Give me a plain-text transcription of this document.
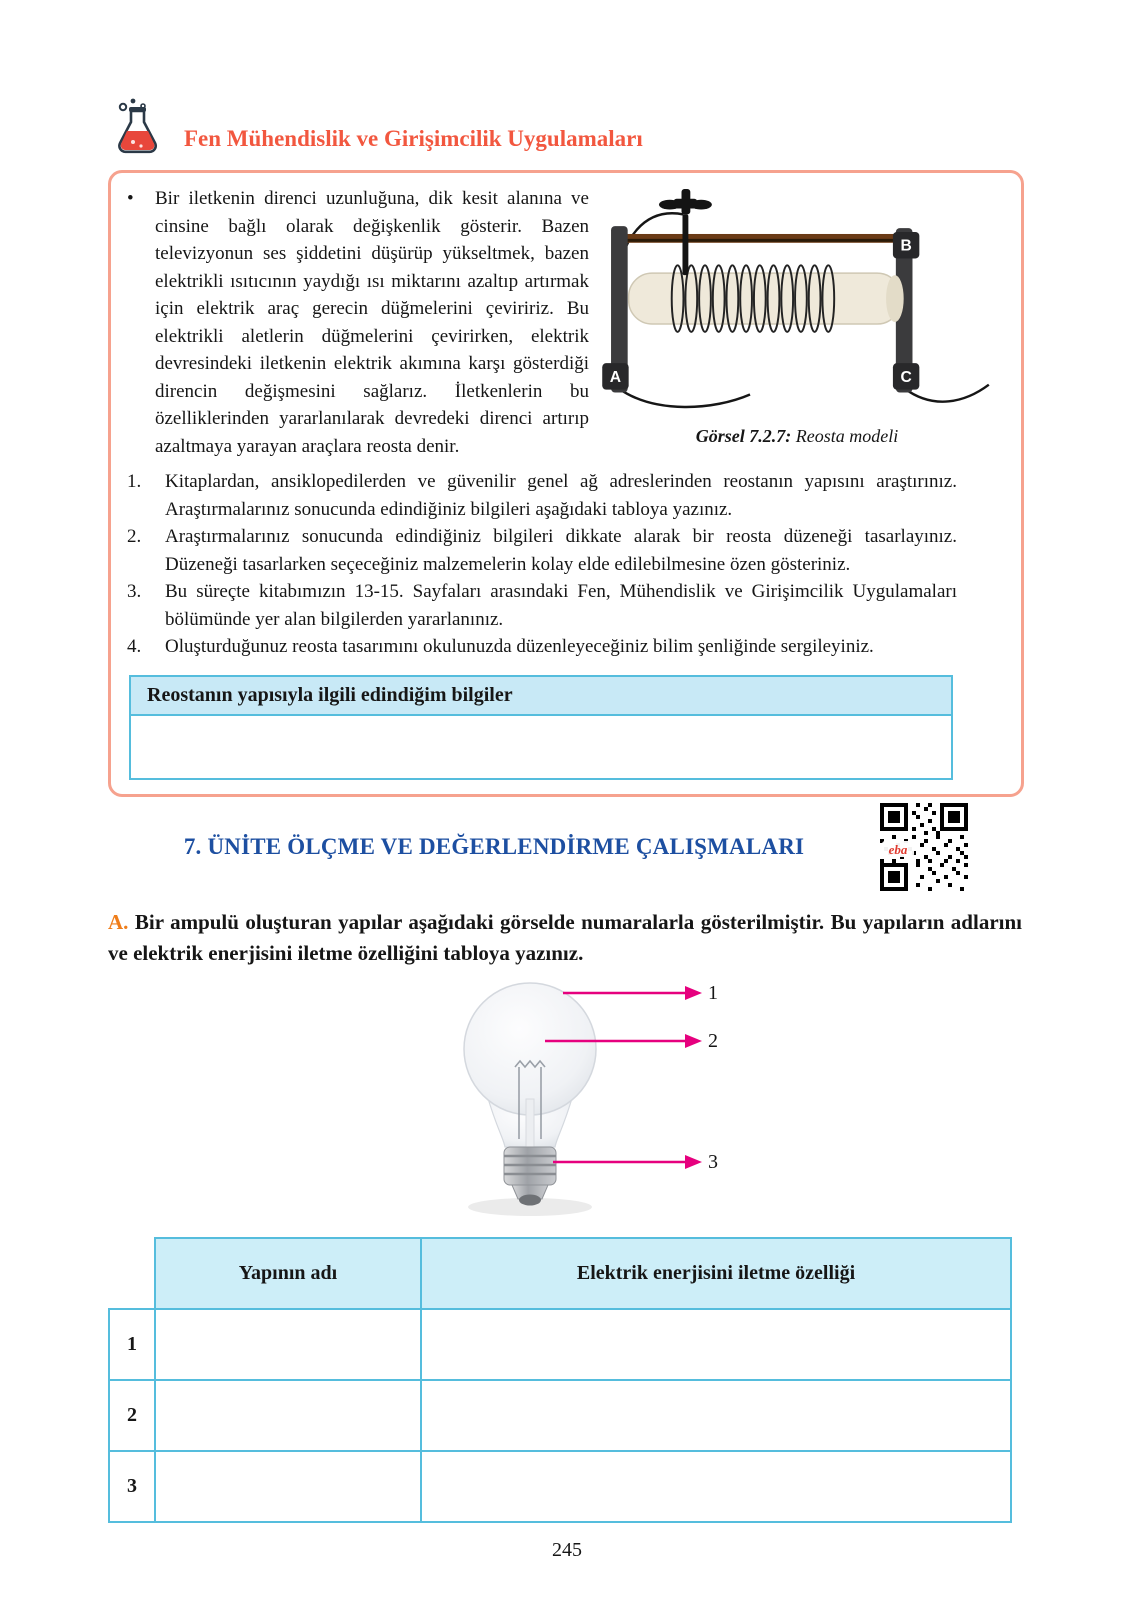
Fen Mühendislik ve Girişimcilik Uygulamaları
•	Bir iletkenin direnci uzunluğuna, dik kesit alanına ve cinsine bağlı olarak değişkenlik gösterir. Bazen televizyonun ses şiddetini düşürüp yükseltmek, bazen elektrikli ısıtıcının yaydığı ısı miktarını azaltıp artırmak için elektrik araç gerecin düğmelerini çeviririz. Bu elektrikli aletlerin düğmelerini çevirirken, elektrik devresindeki iletkenin elektrik akımına karşı gösterdiği direncin değişmesini sağlarız. İletkenlerin bu özelliklerinden yararlanılarak devredeki direnci artırıp azaltmaya yarayan araçlara reosta denir.
A
B
C
Görsel 7.2.7: Reosta modeli
1.	Kitaplardan, ansiklopedilerden ve güvenilir genel ağ adreslerinden reostanın yapısını araştırınız. Araştırmalarınız sonucunda edindiğiniz bilgileri aşağıdaki tabloya yazınız.
2.	Araştırmalarınız sonucunda edindiğiniz bilgileri dikkate alarak bir reosta düzeneği tasarlayınız. Düzeneği tasarlarken seçeceğiniz malzemelerin kolay elde edilebilmesine özen gösteriniz.
3.	Bu süreçte kitabımızın 13-15. Sayfaları arasındaki Fen, Mühendislik ve Girişimcilik Uygulamaları bölümünde yer alan bilgilerden yararlanınız.
4.	Oluşturduğunuz reosta tasarımını okulunuzda düzenleyeceğiniz bilim şenliğinde sergileyiniz.
Reostanın yapısıyla ilgili edindiğim bilgiler
7. ÜNİTE ÖLÇME VE DEĞERLENDİRME ÇALIŞMALARI	eba
A. Bir ampulü oluşturan yapılar aşağıdaki görselde numaralarla gösterilmiştir. Bu yapıların adlarını ve elektrik enerjisini iletme özelliğini tabloya yazınız.
1
2
3
	Yapının adı	Elektrik enerjisini iletme özelliği
1		
2		
3		
245
